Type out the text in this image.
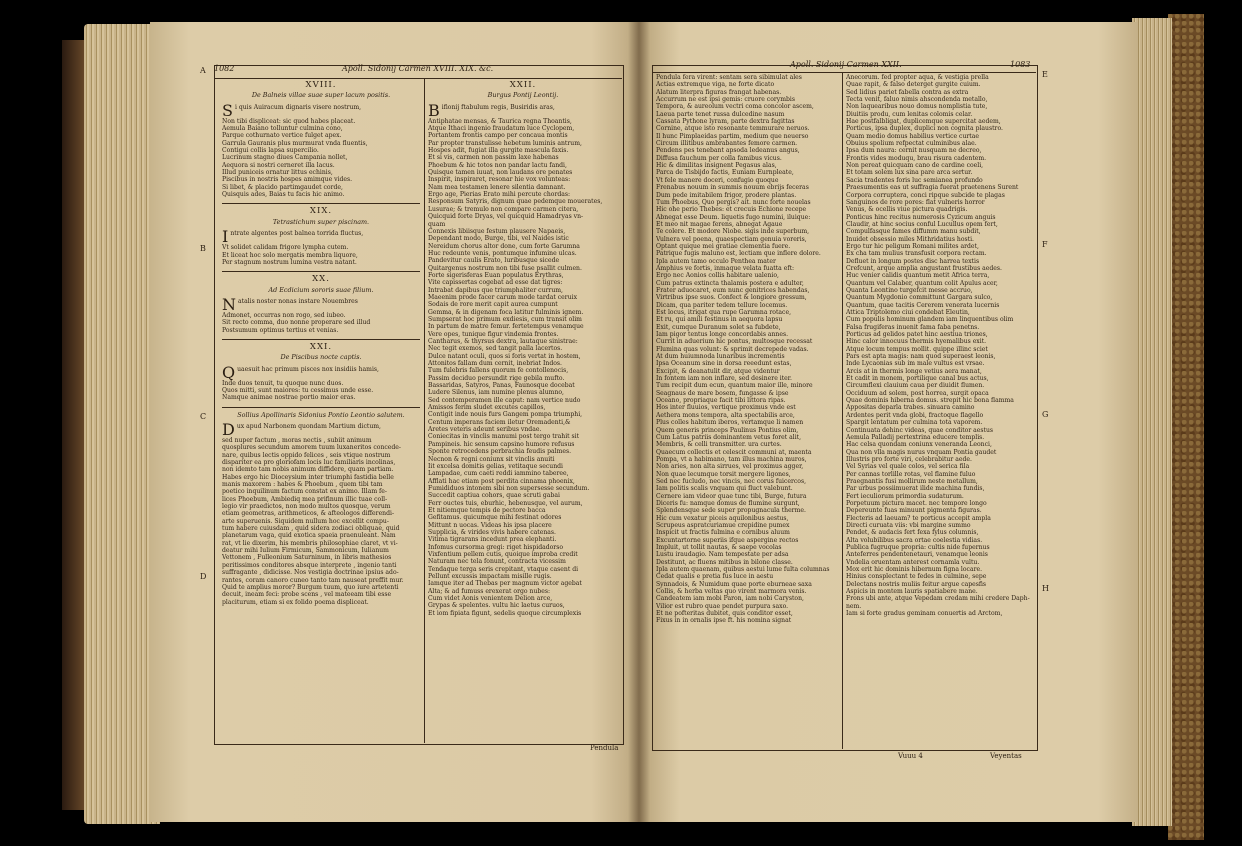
1082	Apoll. Sidonij Carmen XVIII. XIX. &c.
A
B
C
D
XVIII.
De Balneis villae suae super lacum positis.

Si quis Auiracum dignaris visere nostrum,

Non tibi displiceat: sic quod habes placeat.

Aemula Baiano tolluntur culmina cono,

Parque cothurnato vertice fulget apex.

Garrula Gauranis plus murmurat vnda fluentis,

Contigui collis lapsa supercilio.

Lucrinum stagno diues Campania nollet,

Aequora si nostri cerneret illa lacus.

Illud puniceis ornatur littus echinis,

Piscibus in nostris hospes amimque vides.

Si libet, & placido partimgaudet corde,

Quisquis ades, Baias tu facis hic animo.

XIX.
Tetrastichum super piscinam.

Intrate algentes post balnea torrida fluctus,

Vt solidet calidam frigore lympha cutem.

Et liceat hoc solo mergatis membra liquore,

Per stagnum nostrum lumina vestra natant.

XX.
Ad Ecdicium sororis suae filium.

Natalis noster nonas instare Nouembres

Admonet, occurras non rogo, sed iubeo.

Sit recto comma, duo nonne properare sed illud

Postsumum optimus tertius et venias.

XXI.
De Piscibus nocte captis.

Quaesuit hac primum pisces nox insidiis hamis,

Inde duos tenuit, tu quoque nunc duos.

Quos mitti, sunt maiores: tu cessimus unde esse.

Namque animae nostrae portio maior eras.

Sollius Apollinaris Sidonius Pontio Leontio salutem.

Dux apud Narbonem quondam Martium dictum,

sed nuper factum , moras nectis , subiit animum

quosplures secundum amorem tuum luxaneritos concede-

nare, quibus lectis oppido felices , seis vtique nostrum

dispariter ea pro gloriofam locis luc familiaris incolinas,

non idemto tam nobis animum diffidere, quam partiam.

Habes ergo hic Dioceysium inter triumphi fastidia belle

manis maxorem : habes & Phoebum , quem tibi tam

poetico inquilinum factum constat ex animo. Illam fe-

lices Phoebum, Ambiediq mea prifinum illic tuae coll-

legio vir praedictos, non modo multos quosque, verum

etiam geometras, arithmeticos, & afteologos differendi-

arte superuenis. Siquidem nullum hoc excellit compu-

tum habere cuiusdam , quid sidera zodiaci obliquae, quid

planetarum vaga, quid exotica spaeia praenuleant. Nam

rat, vt lie dixerim, his membris philosophiae claret, vt vi-

deatur mihi Iulium Firmicum, Sammonicum, Iulianum

Vettonem , Fulleonium Saturninum, in libris mathesios

peritissimos conditores absque interprete , ingenio tanti

suffragante , didicisse. Nos vestigia doctrinae ipsius ado-

rantes, coram canoro cuneo tanto tam nauseat preffit mur.

Quid te amplius moror? Burgum tuum, quo iure artetenti

decuit, ineam feci: probe scens , vel mateeam tibi esse

placiturum, etiam si ex folido poema displiceat.

XXII.
Burgus Pontij Leontij.

Bifionij ftabulum regis, Busiridis aras,

Antiphatae mensas, & Taurica regna Thoantis,

Atque Ithaci ingenio fraudatum luce Cyclopem,

Portantem frontis campo per concaua montis

Par propter transtulisse hebetum luminis antrum,

Hospes adit, fugiat illa gurgite mascula faxis.

Et si vis, carmen non passim laxe habenas

Phoebum & hic totos non pandar lactu fandi,

Quisque tamen iuuat, non laudans ore penates

Inspirit, inspiraret, resonar hie vox volunteas:

Nam mea testamen lenere silentia damnant.

Ergo age, Pierias Erato mihi percute chordas:

Responsum Satyris, dignum quae pedemque mouerates,

Lusurae; & tremulo non compare carmen citera,

Quicquid forte Dryas, vel quicquid Hamadryas vn-

quam

Connexis libiisque festum plausere Napaeis,

Dependant modo, Burge, tibi, vel Naides istic

Nereidum chorus altor done, cum forte Garumna

Huc redeunte venis, pontumque infumine ulcas.

Pandevitur caulis Erato, luribusque sicede

Quitargenus nostrum non tibi fuse psallit culmen.

Forte sigerisferas Euan populatus Erythras,

Vite capissertas cogebat ad esse dat tigres:

Intrabat dapibus que triumphaliter currum,

Maeenim prode facer carum mode tardat ceruix

Sodais de rore merit capit aurea cumpunt

Gemma, & in digenam foca latitur fulminis ignem.

Sumpserat hoc primum exdiesis, cum transit olim

In partum de matre femur. fertetempus venamque

Vere opes, tunique figur vindemia frontes.

Cantharus, & thyrsus dextra, lautaque sinistrae:

Nec tegit exemos, sed tangit palla lacertos.

Dulce natant oculi, quos si foris vertat in hostem,

Attonitos fallam dum cernit, inebriat Indos.

Tum fulebris fallens quorum fe contollenocis,

Passim deciduo persundit rige gebila mufto.

Bassaridas, Satyros, Panas, Faunosque docebat

Ludere Silenus, iam numine plenus alumno,

Sed contemperamen ille caput: nam vertice nudo

Amissos ferim sludet excutes capillos,

Contigit inde nouis furs Gangem pompa triumphi,

Centum imperans faciem iletur Oremadenti,&

Aretes veteris adeunt seribus vndae.

Coniecitas in vinclis manumi post tergo trahit sit

Pampineis. hic sensum capsino humore refusus

Sponte retrocedens perbrachia feudis palmes.

Necnon & regni coniunx sit vinclis anuiti

Iit excelsa domitis gelias, vetitaque secundi

Lampadae, cum caeti reddi iammino taberee,

Afflati hac etiam post perdita cinnama phoenix,

Fumididuos intonem sibi non supersesse secundum.

Succedit captiua cohors, quae scruti gabai

Ferr ouctes tuis, eburhic, hebenusque, vel aurum,

Et nitiemque tempis de pectore bacca

Gefitamus. quicumque mihi festinat odores

Mittunt n uocas. Videas his ipsa placere

Supplicia, & virides vivis habere catenas.

Vitima tigrarans incedunt prea elephanti.

Infomus cursorma gregi: riget hispidadorso

Vixfentium pellem cutis, quoique improba credit

Naturam nec tela fonunt, contracta vicessim

Tendaque terga seris crepitant, vtaque casent di

Pellunt excussis impactam misille rugis.

Iamque iter ad Thebas per magnum victor agebat

Alta; & ad fumuss erexerat orgo nubes:

Cum videt Aonis venientem Delion arce,

Grypas & spelentes. vultu hic laetus curuos,

Et iom fipiata figunt, sedelis quoque circumplexis

Pendula
Apoll. Sidonij Carmen XXII.	1083
E
F
G
H

Pendula fera virent: sentam sera sibimulat ales

Actias extremque viga, ne forte dicato

Alatum literpra figuras frangat habenas.

Accurrum ne est ipsi gemis: cruore corymbis

Tempora, & aureolum vectri coma concolor ascem,

Laeua parte tenet russa dulcedine nasum

Cassata Pythone lyram, parte dextra fagittas

Cornine, atque isto resonante temmurare neruos.

Il hunc Pimplaeidas partim, medium que neuerso

Circum illitibus ambrabantes femore carmen.

Pendens pes tenebant apsoda ledeanus angus,

Diffusa fauchum per colla famibus vicus.

Hic & dimilitas insignent Pegasus alas,

Parca de Tisbijdo factis, Euniam Eurnpleate,

Vt fele manere doceri, confugio quoque

Frenabus nouum in summis nouum ebrijs feceras

Dum pede imitabilem frigor, prodere plantas.

Tum Phoebus, Quo pergis? ait. nunc forte nouelas

Hic ohe perio Thebes: et crecuis Echione recepe

Abnegat esse Deum. liquetis fugo numini, iluique:

Et meo nit magae ferens, abnegat Agaue

Te colere. Et modore Niobe. sigis inde superbum,

Vulnera vel poena, quaespectiam genuia voreris,

Optant quique mei gratiae clementia fuere.

Patrique fugis maluno est, lectiam que inflere dolore.

Ipla autem tamo occulo Penthea mater

Amphius ve fortis, inmaque velata fuatta eft:

Ergo nec Aonios collis habitare ualenio,

Cum patrus extincta thalamis postera e adulter,

Frater aduocaret, eum nunc genitrices habendas,

Virtribus ipse suos. Confect & longiore gressum,

Dicam, qua pariter tedem tellure locemus.

Est locus, itrigat qua rupe Garumna rotace,

Et ru, qui amili festinus in aequora lapsu

Exit, cumque Duranum solet sa fubdete,

Iam pigor tentus longe concordabis annes.

Currit in aduerium hic pontus, multosque recessat

Flumina quas volunt: & sprimit decrepede vadas.

At dum huiumnoda lunaribus incrementis

Ipsa Oceanum sine in dorsa reeedunt estas,

Excipit, & deanatulit dir, atque videntur

In fontem iam non inflare, sed desinere iter.

Tum recipit dum ecun, quantum maior ille, minore

Seagnaus de mare bosem, fungasse & ipse

Oceano, propriaque facit tibi littora ripas.

Hos inter fluuios, vertique proximus vnde est

Aethera mons tempora, alta spectabilis arce,

Plus colles habitum iberos, vertamque li namen

Quem generis princeps Paulinus Pontius olim,

Cum Latus patriis dominantem vetus foret alit,

Membris, & celli transmitter. ura curtes.

Quaecum collectis et celescit communi at, maenta

Pompa, vt a habimano, tam illus machina muros,

Non aries, non alta sirrues, vel proximus agger,

Non quae lecumque torsit mergere ligones,

Sed nec fucludo, nec vincis, nec corus fuicercos,

Iam politis scalis vnquam qui fluct valebunt.

Cernere iam videor quae tunc tibi, Burge, futura

Diceris fu: namque domus de flumine surgunt,

Splendensque sede super propugnacula therme.

Hic cum vexatur piceis aquilonibus aestus,

Scrupeus aspratcuriamue crepidine pumex

Inspicit ut fractis fulmina e cornibus aluum

Excuntartorne superiis ifque aspergine rectos

Impluit, ut tollit nautas, & saepe vocolas

Lustu iraudagio. Nam tempestate per adsa

Destitunt, ac fluens mitibus in bilone classe.

Ipla autem quaenam, quibus aestui lume fulta columnas

Cedat qualis e pretia fus luce in aestu

Synnadois, & Numidum quae porte eburneae saxa

Collis, & herba veltas quo virent marmora venis.

Candeatem iam mobi Paron, iam nobi Caryston,

Vilior est rubro quae pendet purpura saxo.

Et ne pofteritas dubitet, quis conditor esset,

Fixus in in ornalis ipse ft. his nomina signat

Anecorum. fed propter aqua, & vestigia prella

Quae rapit, & falso deterget gurgite cuium.

Sed lidius pariet fabella contra as extra

Tecta venit, faluo nimis ahscondenda metallo,

Non laquearibus nouo domus nomplistia tute,

Diuitiis produ, cum lenitas colomis celar.

Hae postfalbligat, duplicemque supercitat aedem,

Porticus, ipsa duplex, duplici non cognita plaustro.

Quam medio domus habilius vertice curtae

Obuius spolium refpectat culminibus alae.

Ipsa dum naura: cernit nusquam ne decreo,

Frontis vides moduqu, brau risura cadentem.

Non pereat quicquam cano de cardine coeli,

Et totam solem lux sina pare arca sertur.

Sacia tradentes foris luc semianea profundo

Praesumentis eas ut suffragia fuerat praetenens Surent

Corpora corruptera, conci ripque subcide te plagas

Sanguinos de rore pores: flat vulneris horror

Venus, & ocellis viue pictura quadrigis.

Ponticus hinc recitus numerosis Cyzicum anguis

Claudir, at hinc socius conful Lucullus opem fert,

Compulfasque fames diffumm manu subdit,

Inuidet obsessio miles Mithridatius hosti.

Ergo tur hic peligum Romani milites ardet,

Ex cha tam mulius transfusit corpora rectam.

Defluet in longum postes disc harrea textis

Crefcunt, arque amplia angustant frustibus aedes.

Huc venier calidis quantum metit Africa terra,

Quantum vel Calaber, quantum colit Apulus acer,

Quanta Leontino turgefcit messe accruo,

Quantum Mygdonio committunt Gargara sulco,

Quantum, quae tacitis Cererem venerata lucernis

Attica Triptolemo ciui condebat Eleutin,

Cum populis hominum glandem iam linquentibus olim

Falsa frugiferas inuenit fama faba penetns.

Porticus ad gelidos patet hinc aestiua triones,

Hinc calor innocuus thermis hyemalibus exit.

Atque locum tempus mollit. quippe illinc sciet

Pars est apta magis: nam quod superaest leonis,

Inde Lycaonias sub im male vultus est vrsae.

Arcis at in thermis longe vetius aera manat,

Et cadit in monem, portilique canal bus actus,

Circumflexi clauium caua per diuidit flumen.

Occiduum ad solem, post horrea, surgit opaca

Quae dominis hiberna domus. strepit hic bona flamma

Appositas deparla trabes. sinuara camino

Ardentes perit vnda globi, fractoque flagello

Spargit lentatum per culmina tota vaporem.

Continuata dehinc videas, quae conditor aestus

Aemula Palladij pertextrina educere templis.

Hac celsa quondam coniunx veneranda Leonci,

Qua non vlla magis nurus vnquam Pontia gaudet

Illustris pro forte viri, celebrabitur aede.

Vel Syrias vel quale colos, vel serica fila

Per cannas torlille rotas, vel flamine fuluo

Praegnantis fusi mollirum neste metallum,

Par urbus possiimuerat ilide machina fundis,

Fert ieculiorum primordia sudaturum.

Porpetuum pictura macet. nec tempore longo

Depereunte fuas minuunt pigmenta figuras.

Flecteris ad laeuam? te porticus accepit ampla

Directi curuata viis: vbi margine summo

Pendet, & audacis fert fexa fylus columnis,

Alta volubilibus sacra ortae coelestia vidias.

Publica fugruque propria: cultis nide fupernus

Anteferres pendentenetauri, venamque leonis

Vndelia oruentam anterest cornamla vultu.

Mox erit hic dominis hibernum figna locare.

Hinius consplectant te fedes in culmine, sepe

Delectans nostris muliis feitur argue capesfis

Aspicis in montem lauris spatiabere mane.

Frons ubi ante, atque Vepedam credam mihi credere Daph-

nem.

Iam si forte gradus geminam conuertis ad Arctom,

Vuuu 4	Veyentas
